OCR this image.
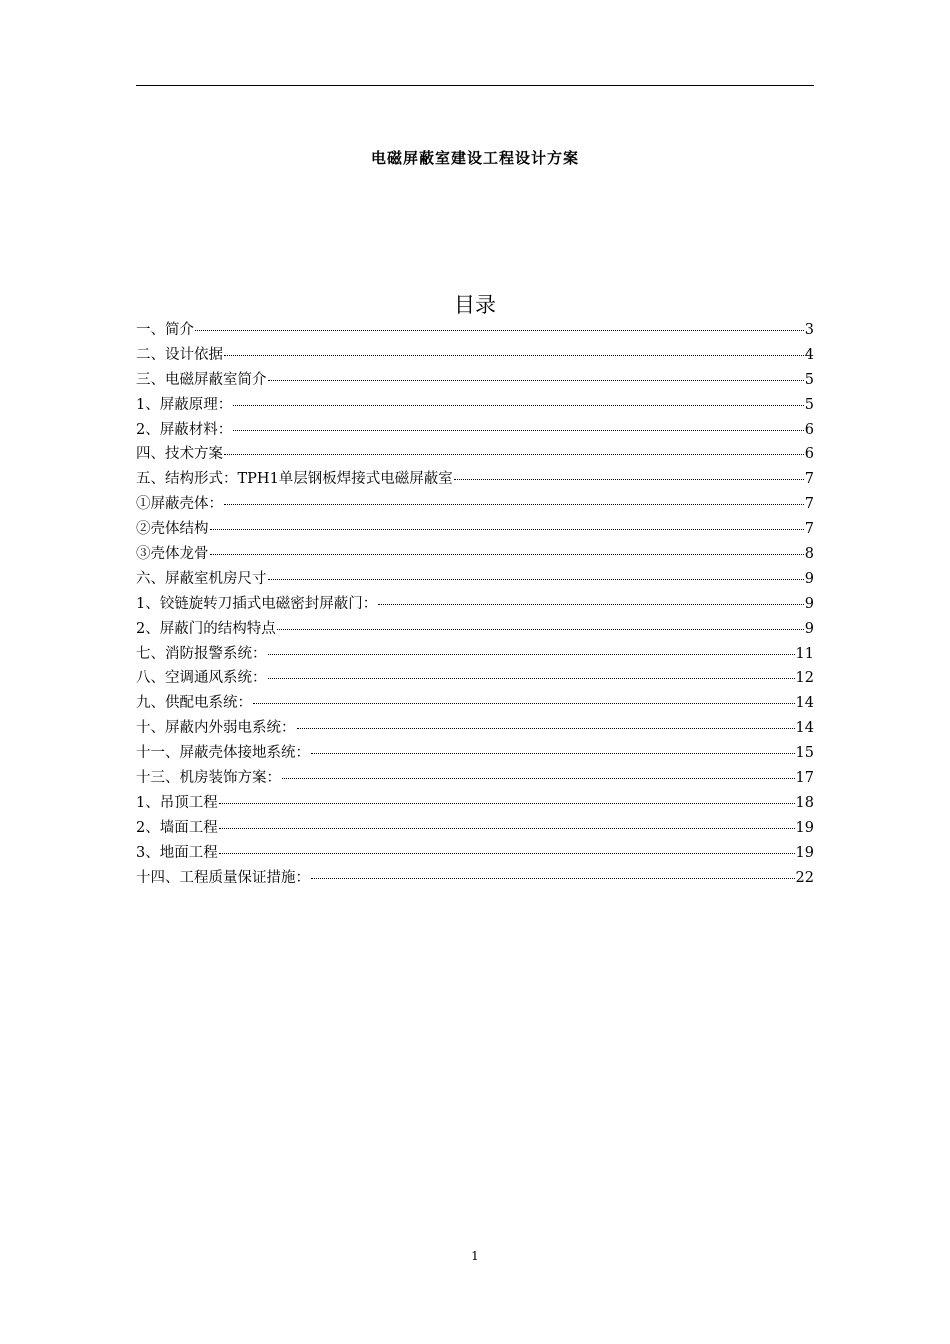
电磁屏蔽室建设工程设计方案
目录
一、简介	3
二、设计依据	4
三、电磁屏蔽室简介	5
1、屏蔽原理：	5
2、屏蔽材料：	6
四、技术方案	6
五、结构形式：TPH1单层钢板焊接式电磁屏蔽室	7
①屏蔽壳体：	7
②壳体结构	7
③壳体龙骨	8
六、屏蔽室机房尺寸	9
1、铰链旋转刀插式电磁密封屏蔽门：	9
2、屏蔽门的结构特点	9
七、消防报警系统：	11
八、空调通风系统：	12
九、供配电系统：	14
十、屏蔽内外弱电系统：	14
十一、屏蔽壳体接地系统：	15
十三、机房装饰方案：	17
1、吊顶工程	18
2、墙面工程	19
3、地面工程	19
十四、工程质量保证措施：	22
1
